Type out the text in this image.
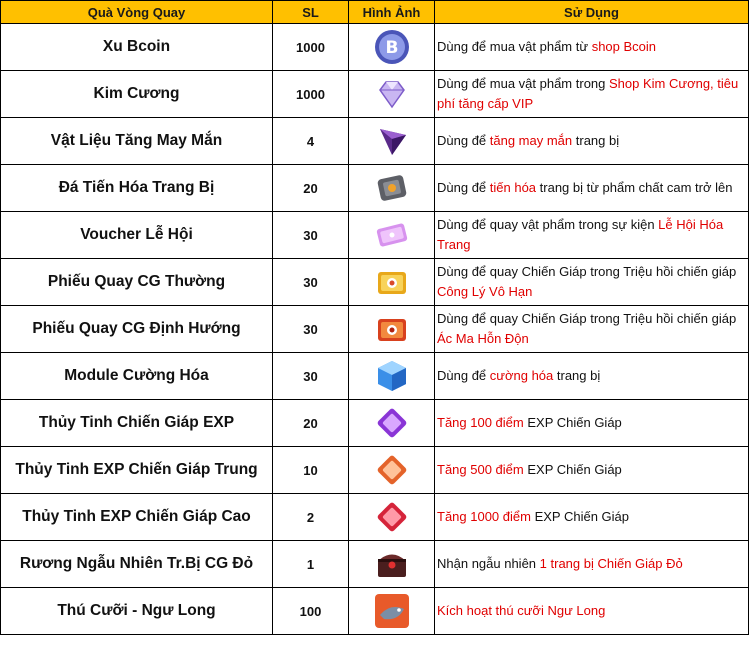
Quà Vòng Quay	SL	Hình Ảnh	Sử Dụng
Xu Bcoin	1000	B	Dùng để mua vật phẩm từ shop Bcoin
Kim Cương	1000		Dùng để mua vật phẩm trong Shop Kim Cương, tiêu phí tăng cấp VIP
Vật Liệu Tăng May Mắn	4		Dùng để tăng may mắn trang bị
Đá Tiến Hóa Trang Bị	20		Dùng để tiến hóa trang bị từ phẩm chất cam trở lên
Voucher Lễ Hội	30		Dùng để quay vật phẩm trong sự kiện Lễ Hội Hóa Trang
Phiếu Quay CG Thường	30		Dùng để quay Chiến Giáp trong Triệu hồi chiến giáp Công Lý Vô Hạn
Phiếu Quay CG Định Hướng	30		Dùng để quay Chiến Giáp trong Triệu hồi chiến giáp Ác Ma Hỗn Độn
Module Cường Hóa	30		Dùng để cường hóa trang bị
Thủy Tinh Chiến Giáp EXP	20		Tăng 100 điểm EXP Chiến Giáp
Thủy Tinh EXP Chiến Giáp Trung	10		Tăng 500 điểm EXP Chiến Giáp
Thủy Tinh EXP Chiến Giáp Cao	2		Tăng 1000 điểm EXP Chiến Giáp
Rương Ngẫu Nhiên Tr.Bị CG Đỏ	1		Nhận ngẫu nhiên 1 trang bị Chiến Giáp Đỏ
Thú Cưỡi - Ngư Long	100		Kích hoạt thú cưỡi Ngư Long
